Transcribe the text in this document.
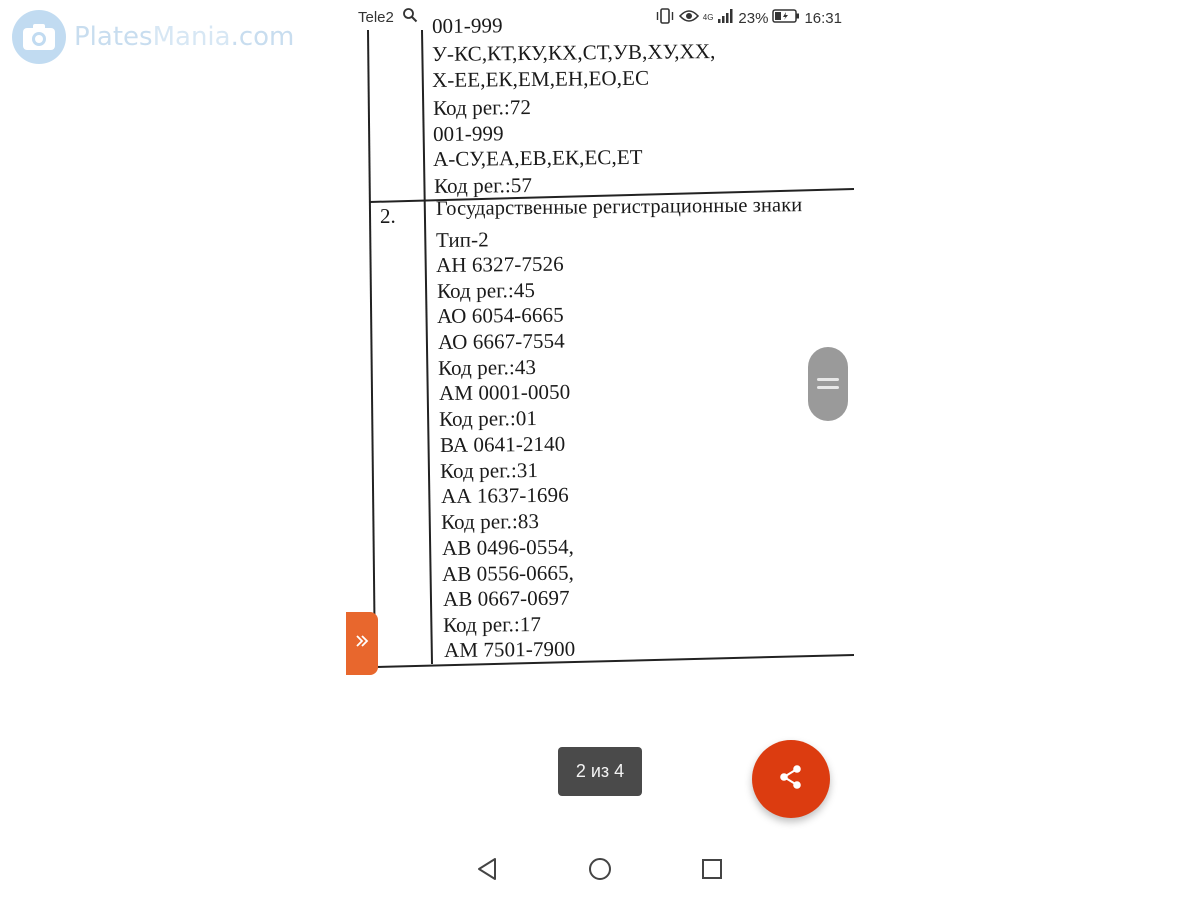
PlatesMania.com	001-999
У-КС,КТ,КУ,КХ,СТ,УВ,ХУ,ХХ,
Х-ЕЕ,ЕК,ЕМ,ЕН,ЕО,ЕС
Код рег.:72
001-999
А-СУ,ЕА,ЕВ,ЕК,ЕС,ЕТ
Код рег.:57
2. Государственные регистрационные знаки
Тип-2
АН 6327-7526
Код рег.:45
АО 6054-6665
АО 6667-7554
Код рег.:43
АМ 0001-0050
Код рег.:01
ВА 0641-2140
Код рег.:31
АА 1637-1696
Код рег.:83
АВ 0496-0554,
АВ 0556-0665,
АВ 0667-0697
Код рег.:17
АМ 7501-7900
Tele2	4G 23% 16:31
2 из 4
